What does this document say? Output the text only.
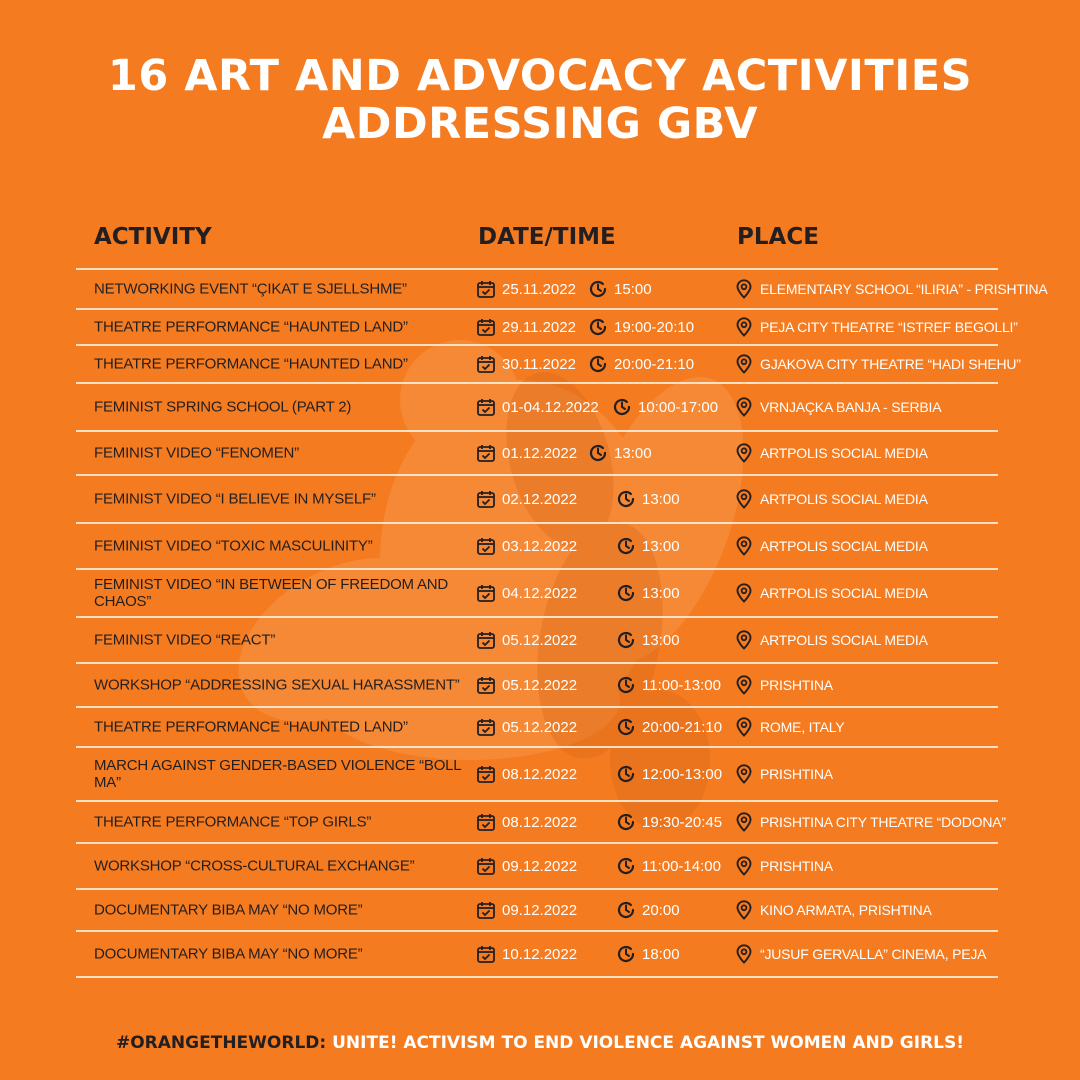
16 ART AND ADVOCACY ACTIVITIES
ADDRESSING GBV
ACTIVITY	DATE/TIME	PLACE
NETWORKING EVENT “ÇIKAT E SJELLSHME”	25.11.2022	15:00	ELEMENTARY SCHOOL “ILIRIA” - PRISHTINA
THEATRE PERFORMANCE “HAUNTED LAND”	29.11.2022	19:00-20:10	PEJA CITY THEATRE “ISTREF BEGOLLI”
THEATRE PERFORMANCE “HAUNTED LAND”	30.11.2022	20:00-21:10	GJAKOVA CITY THEATRE “HADI SHEHU”
FEMINIST SPRING SCHOOL (PART 2)	01-04.12.2022	10:00-17:00	VRNJAÇKA BANJA - SERBIA
FEMINIST VIDEO “FENOMEN”	01.12.2022 13:00	ARTPOLIS SOCIAL MEDIA
FEMINIST VIDEO “I BELIEVE IN MYSELF”	02.12.2022	13:00	ARTPOLIS SOCIAL MEDIA
FEMINIST VIDEO “TOXIC MASCULINITY”	03.12.2022	13:00	ARTPOLIS SOCIAL MEDIA
FEMINIST VIDEO “IN BETWEEN OF FREEDOM AND CHAOS”	04.12.2022	13:00	ARTPOLIS SOCIAL MEDIA
FEMINIST VIDEO “REACT”	05.12.2022	13:00	ARTPOLIS SOCIAL MEDIA
WORKSHOP “ADDRESSING SEXUAL HARASSMENT”	05.12.2022	11:00-13:00	PRISHTINA
THEATRE PERFORMANCE “HAUNTED LAND”	05.12.2022	20:00-21:10	ROME, ITALY
MARCH AGAINST GENDER-BASED VIOLENCE “BOLL MA”	08.12.2022	12:00-13:00	PRISHTINA
THEATRE PERFORMANCE “TOP GIRLS”	08.12.2022	19:30-20:45	PRISHTINA CITY THEATRE “DODONA”
WORKSHOP “CROSS-CULTURAL EXCHANGE”	09.12.2022	11:00-14:00	PRISHTINA
DOCUMENTARY BIBA MAY “NO MORE”	09.12.2022	20:00	KINO ARMATA, PRISHTINA
DOCUMENTARY BIBA MAY “NO MORE”	10.12.2022	18:00	“JUSUF GERVALLA” CINEMA, PEJA
#ORANGETHEWORLD: UNITE! ACTIVISM TO END VIOLENCE AGAINST WOMEN AND GIRLS!
